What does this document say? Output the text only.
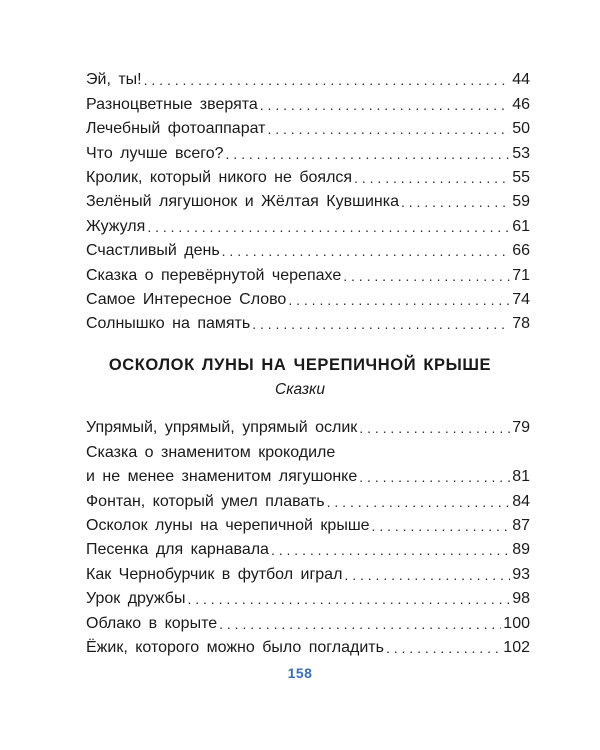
Эй, ты! . . .	44
Разноцветные зверята . . .	46
Лечебный фотоаппарат . . .	50
Что лучше всего? . . .	53
Кролик, который никого не боялся . . .	55
Зелёный лягушонок и Жёлтая Кувшинка . . .	59
Жужуля . . .	61
Счастливый день . . .	66
Сказка о перевёрнутой черепахе . . .	71
Самое Интересное Слово . . .	74
Солнышко на память . . .	78
ОСКОЛОК ЛУНЫ НА ЧЕРЕПИЧНОЙ КРЫШЕ
Сказки
Упрямый, упрямый, упрямый ослик . . .	79
Сказка о знаменитом крокодиле
и не менее знаменитом лягушонке . . .	81
Фонтан, который умел плавать . . .	84
Осколок луны на черепичной крыше . . .	87
Песенка для карнавала . . .	89
Как Чернобурчик в футбол играл . . .	93
Урок дружбы . . .	98
Облако в корыте . . .	100
Ёжик, которого можно было погладить . . .	102
158
